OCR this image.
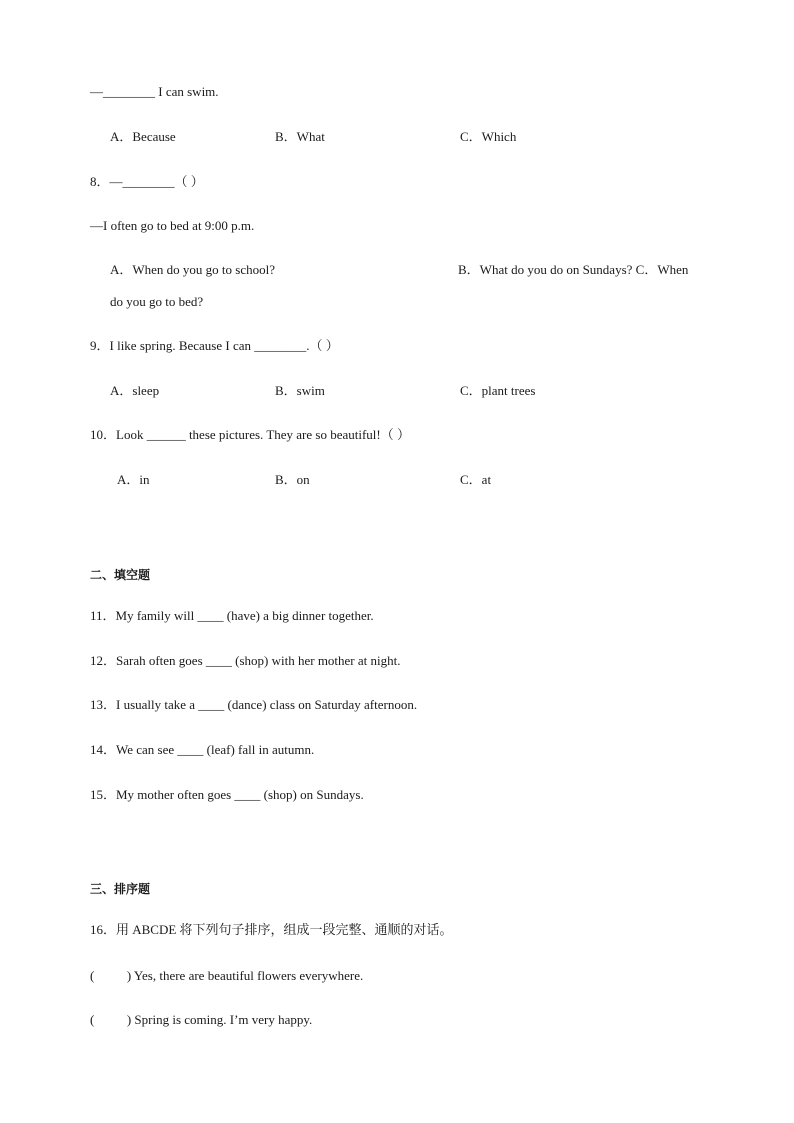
—________ I can swim.
A．Because	B．What	C．Which
8．—________（ ）
—I often go to bed at 9:00 p.m.
A．When do you go to school?	B．What do you do on Sundays? C．When
do you go to bed?
9．I like spring. Because I can ________.（ ）
A．sleep	B．swim	C．plant trees
10．Look ______ these pictures. They are so beautiful!（ ）
A．in	B．on	C．at
二、填空题
11．My family will ____ (have) a big dinner together.
12．Sarah often goes ____ (shop) with her mother at night.
13．I usually take a ____ (dance) class on Saturday afternoon.
14．We can see ____ (leaf) fall in autumn.
15．My mother often goes ____ (shop) on Sundays.
三、排序题
16．用 ABCDE 将下列句子排序，组成一段完整、通顺的对话。
(          ) Yes, there are beautiful flowers everywhere.
(          ) Spring is coming. I’m very happy.
